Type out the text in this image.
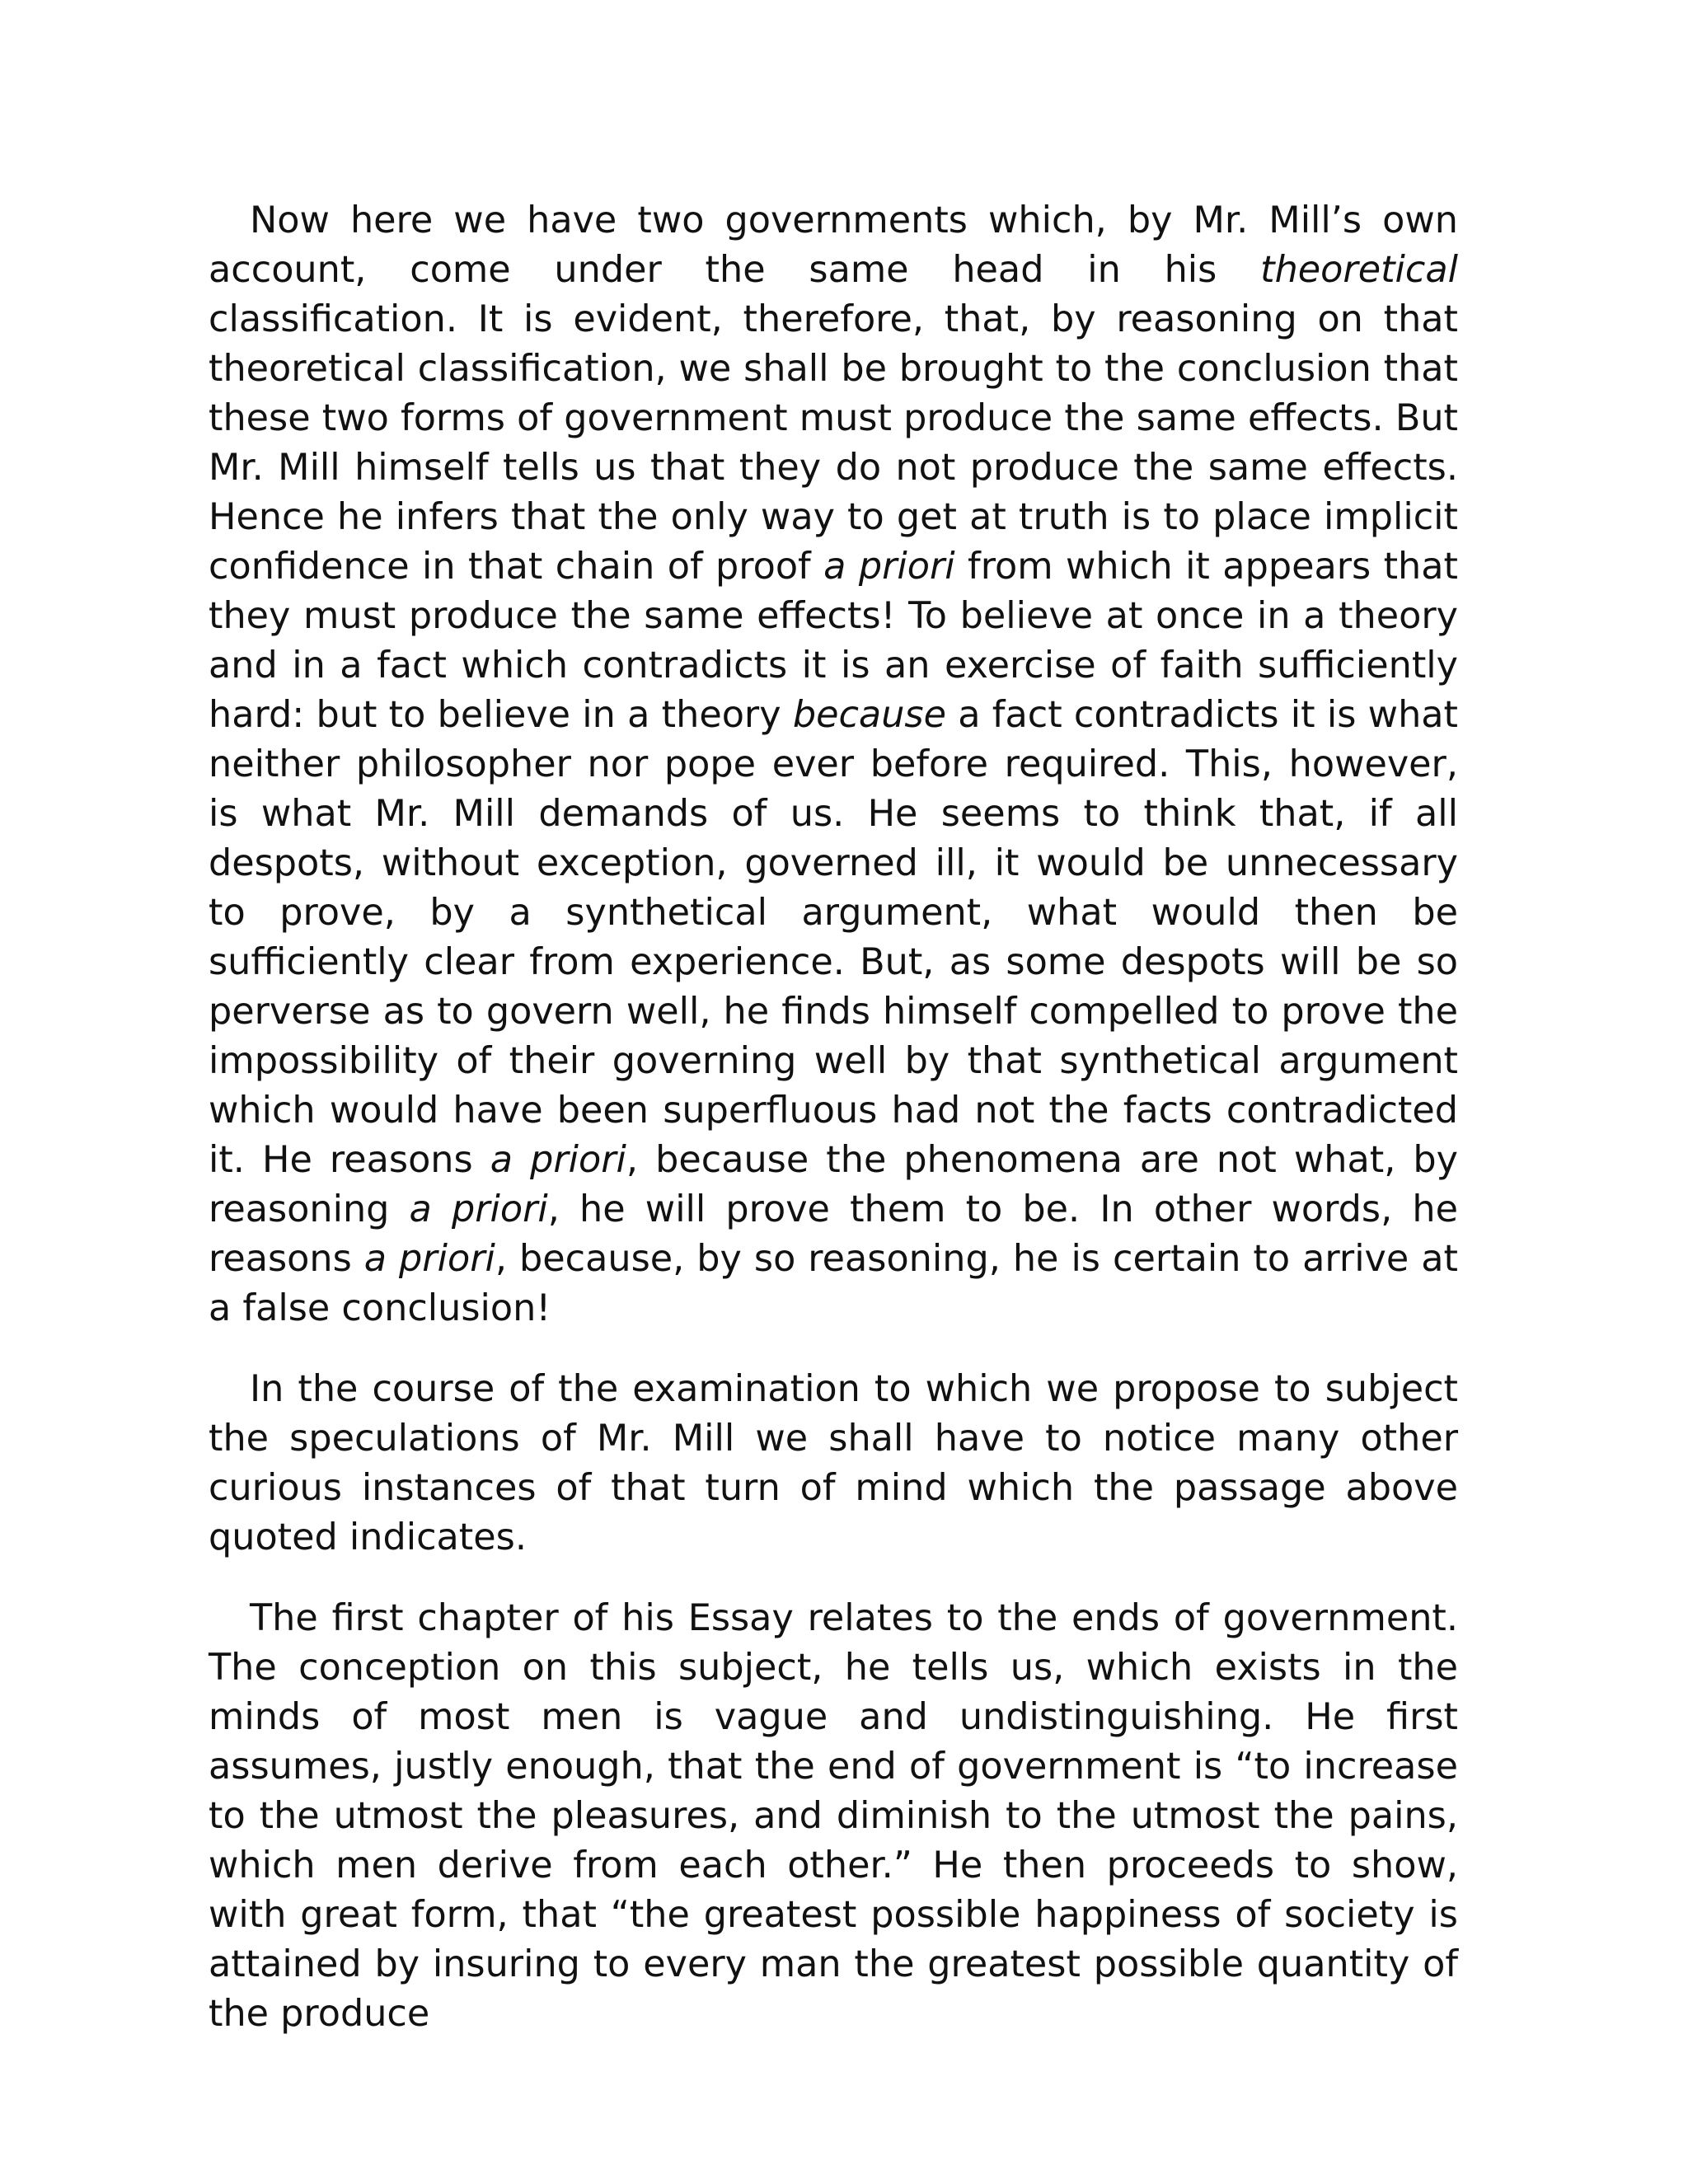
Now here we have two governments which, by Mr. Mill’s own account, come under the same head in his theoretical classification. It is evident, therefore, that, by reasoning on that theoretical classification, we shall be brought to the conclusion that these two forms of government must produce the same effects. But Mr. Mill himself tells us that they do not produce the same effects. Hence he infers that the only way to get at truth is to place implicit confidence in that chain of proof a priori from which it appears that they must produce the same effects! To believe at once in a theory and in a fact which contradicts it is an exercise of faith sufficiently hard: but to believe in a theory because a fact contradicts it is what neither philosopher nor pope ever before required. This, however, is what Mr. Mill demands of us. He seems to think that, if all despots, without exception, governed ill, it would be unnecessary to prove, by a synthetical argument, what would then be sufficiently clear from experience. But, as some despots will be so perverse as to govern well, he finds himself compelled to prove the impossibility of their governing well by that synthetical argument which would have been superfluous had not the facts contradicted it. He reasons a priori, because the phenomena are not what, by reasoning a priori, he will prove them to be. In other words, he reasons a priori, because, by so reasoning, he is certain to arrive at a false conclusion!

In the course of the examination to which we propose to subject the speculations of Mr. Mill we shall have to notice many other curious instances of that turn of mind which the passage above quoted indicates.

The first chapter of his Essay relates to the ends of government. The conception on this subject, he tells us, which exists in the minds of most men is vague and undistinguishing. He first assumes, justly enough, that the end of government is “to increase to the utmost the pleasures, and diminish to the utmost the pains, which men derive from each other.” He then proceeds to show, with great form, that “the greatest possible happiness of society is attained by insuring to every man the greatest possible quantity of the produce
